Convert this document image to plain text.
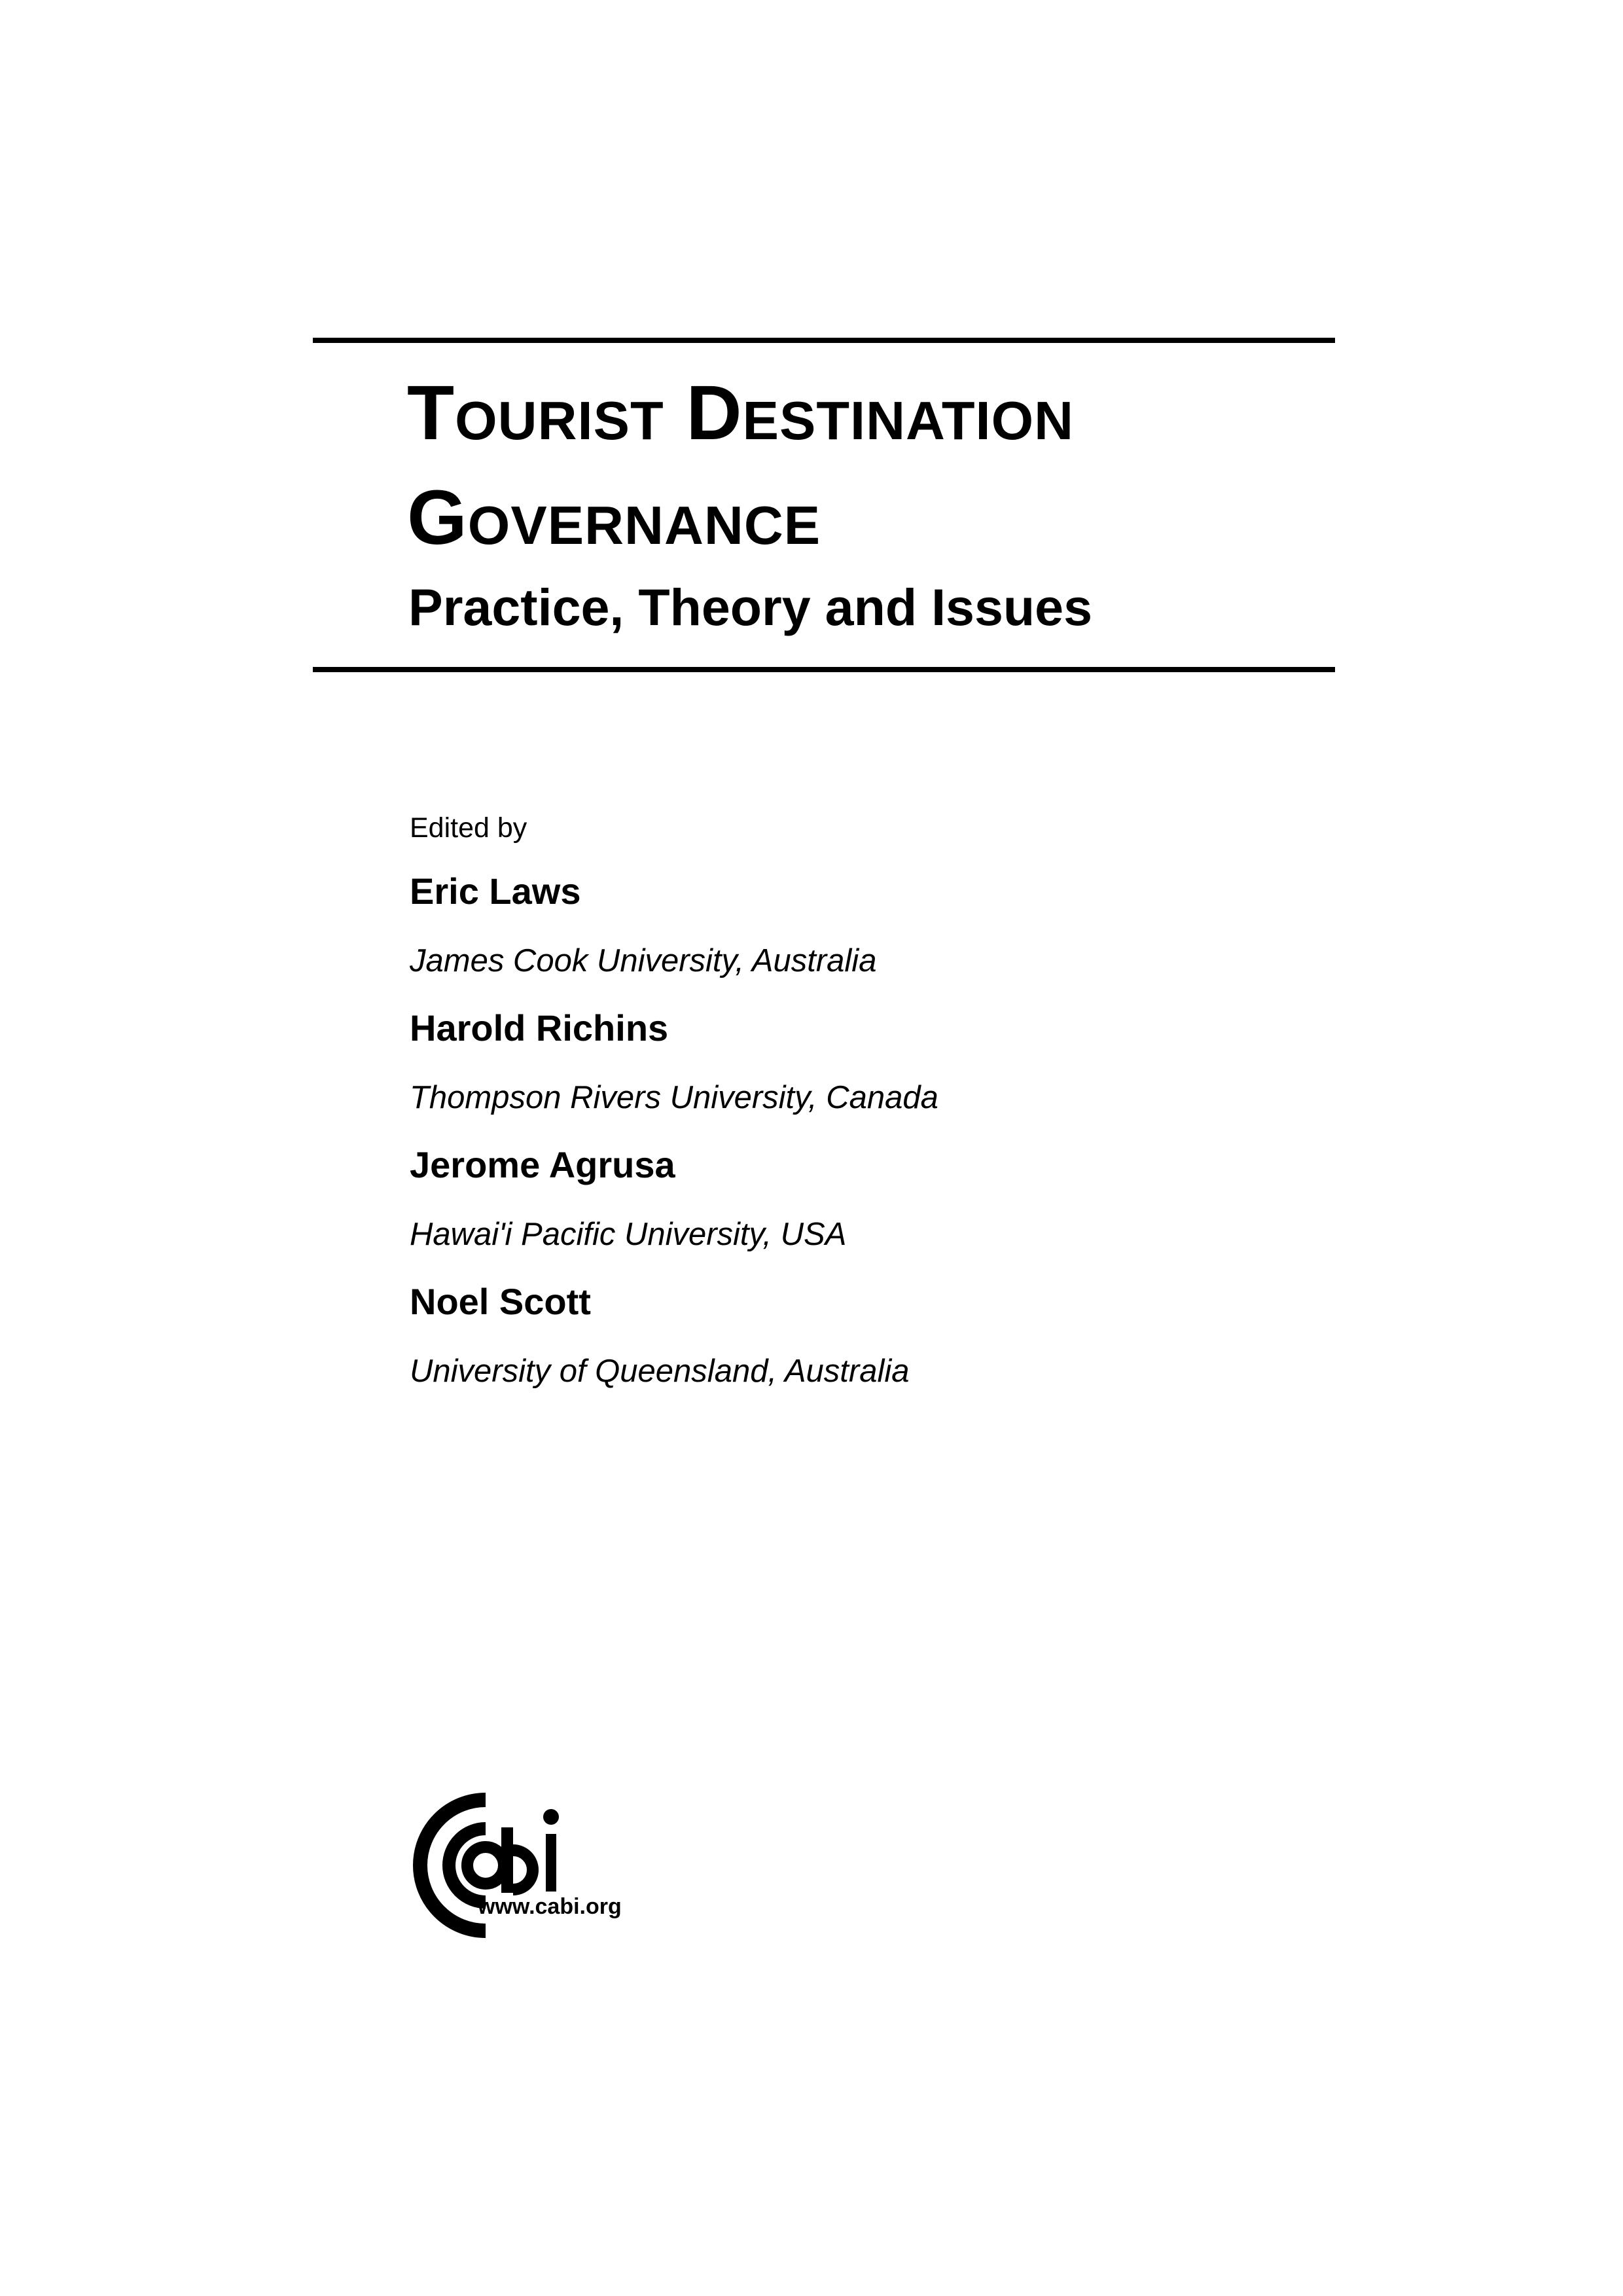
Tourist Destination
Governance
Practice, Theory and Issues
Edited by
Eric Laws
James Cook University, Australia
Harold Richins
Thompson Rivers University, Canada
Jerome Agrusa
Hawai'i Pacific University, USA
Noel Scott
University of Queensland, Australia
www.cabi.org
